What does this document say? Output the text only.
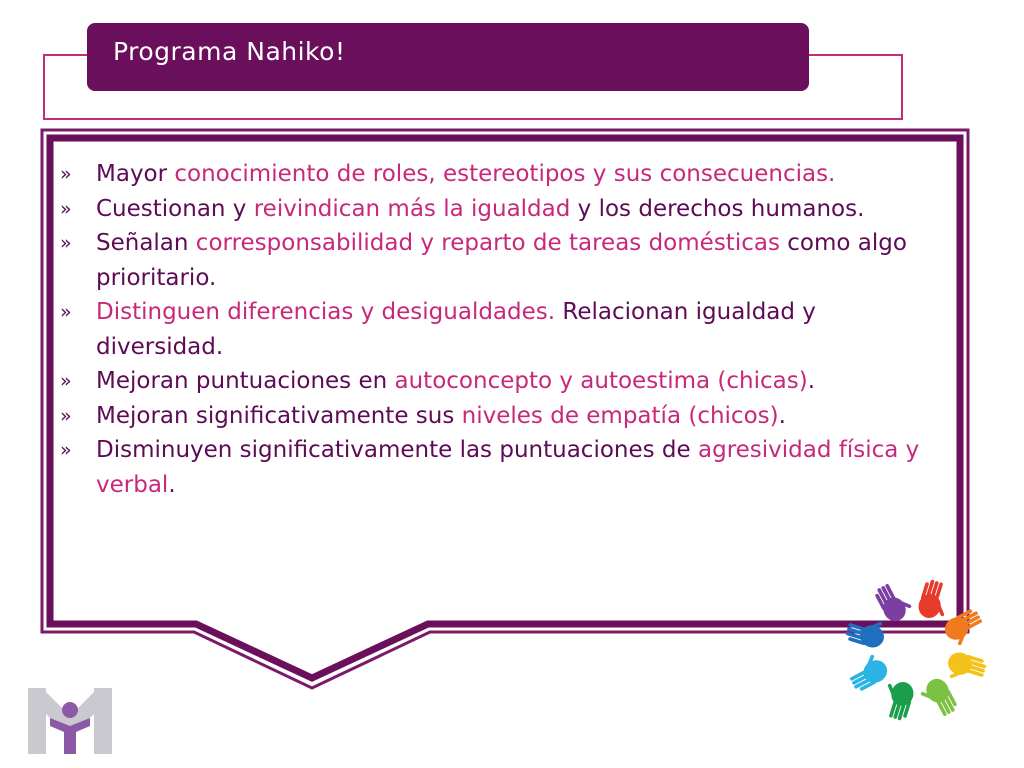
Programa Nahiko!
» Mayor conocimiento de roles, estereotipos y sus consecuencias.
» Cuestionan y reivindican más la igualdad y los derechos humanos.
» Señalan corresponsabilidad y reparto de tareas domésticas como algo prioritario.
» Distinguen diferencias y desigualdades. Relacionan igualdad y diversidad.
» Mejoran puntuaciones en autoconcepto y autoestima (chicas).
» Mejoran significativamente sus niveles de empatía (chicos).
» Disminuyen significativamente las puntuaciones de agresividad física y verbal.
